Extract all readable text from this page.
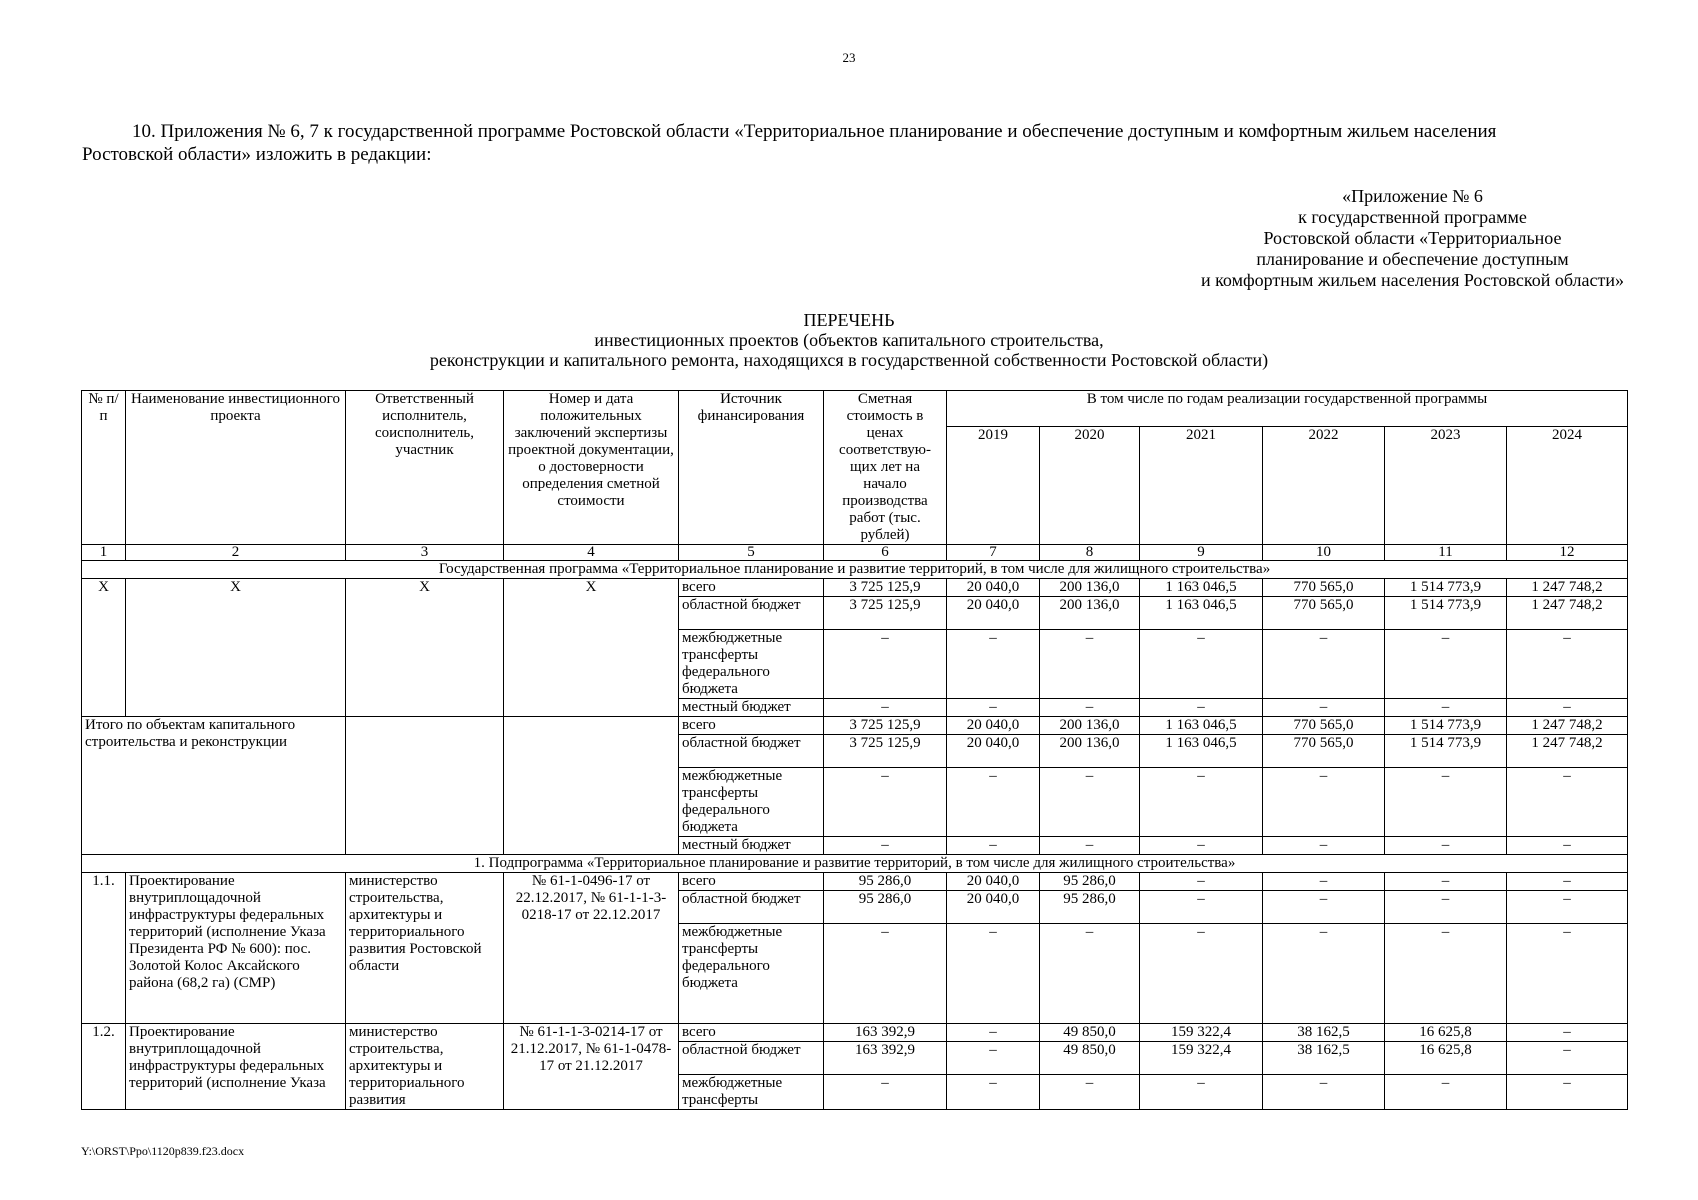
23
10. Приложения № 6, 7 к государственной программе Ростовской области «Территориальное планирование и обеспечение доступным и комфортным жильем населения
Ростовской области» изложить в редакции:
«Приложение № 6
к государственной программе
Ростовской области «Территориальное
планирование и обеспечение доступным
и комфортным жильем населения Ростовской области»
ПЕРЕЧЕНЬ
инвестиционных проектов (объектов капитального строительства,
реконструкции и капитального ремонта, находящихся в государственной собственности Ростовской области)
№ п/п	Наименование инвестиционного проекта	Ответственный исполнитель, соисполнитель, участник	Номер и дата положительных заключений экспертизы проектной документации, о достоверности определения сметной стоимости	Источник финансирования	Сметная стоимость в ценах соответствую-щих лет на начало производства работ (тыс. рублей)	В том числе по годам реализации государственной программы					
						2019	2020	2021	2022	2023	2024
1	2	3	4	5	6	7	8	9	10	11	12
Государственная программа «Территориальное планирование и развитие территорий, в том числе для жилищного строительства»											
X	X	X	X	всего	3 725 125,9	20 040,0	200 136,0	1 163 046,5	770 565,0	1 514 773,9	1 247 748,2
				областной бюджет	3 725 125,9	20 040,0	200 136,0	1 163 046,5	770 565,0	1 514 773,9	1 247 748,2
				межбюджетные трансферты федерального бюджета	–	–	–	–	–	–	–
				местный бюджет	–	–	–	–	–	–	–
Итого по объектам капитального строительства и реконструкции				всего	3 725 125,9	20 040,0	200 136,0	1 163 046,5	770 565,0	1 514 773,9	1 247 748,2
				областной бюджет	3 725 125,9	20 040,0	200 136,0	1 163 046,5	770 565,0	1 514 773,9	1 247 748,2
				межбюджетные трансферты федерального бюджета	–	–	–	–	–	–	–
				местный бюджет	–	–	–	–	–	–	–
1. Подпрограмма «Территориальное планирование и развитие территорий, в том числе для жилищного строительства»											
1.1.	Проектирование внутриплощадочной инфраструктуры федеральных территорий (исполнение Указа Президента РФ № 600): пос. Золотой Колос Аксайского района (68,2 га) (СМР)	министерство строительства, архитектуры и территориального развития Ростовской области	№ 61-1-0496-17 от 22.12.2017, № 61-1-1-3-0218-17 от 22.12.2017	всего	95 286,0	20 040,0	95 286,0	–	–	–	–
				областной бюджет	95 286,0	20 040,0	95 286,0	–	–	–	–
				межбюджетные трансферты федерального бюджета	–	–	–	–	–	–	–
1.2.	Проектирование внутриплощадочной инфраструктуры федеральных территорий (исполнение Указа	министерство строительства, архитектуры и территориального развития	№ 61-1-1-3-0214-17 от 21.12.2017, № 61-1-0478-17 от 21.12.2017	всего	163 392,9	–	49 850,0	159 322,4	38 162,5	16 625,8	–
				областной бюджет	163 392,9	–	49 850,0	159 322,4	38 162,5	16 625,8	–
				межбюджетные трансферты	–	–	–	–	–	–	–
Y:\ORST\Ppo\1120p839.f23.docx
